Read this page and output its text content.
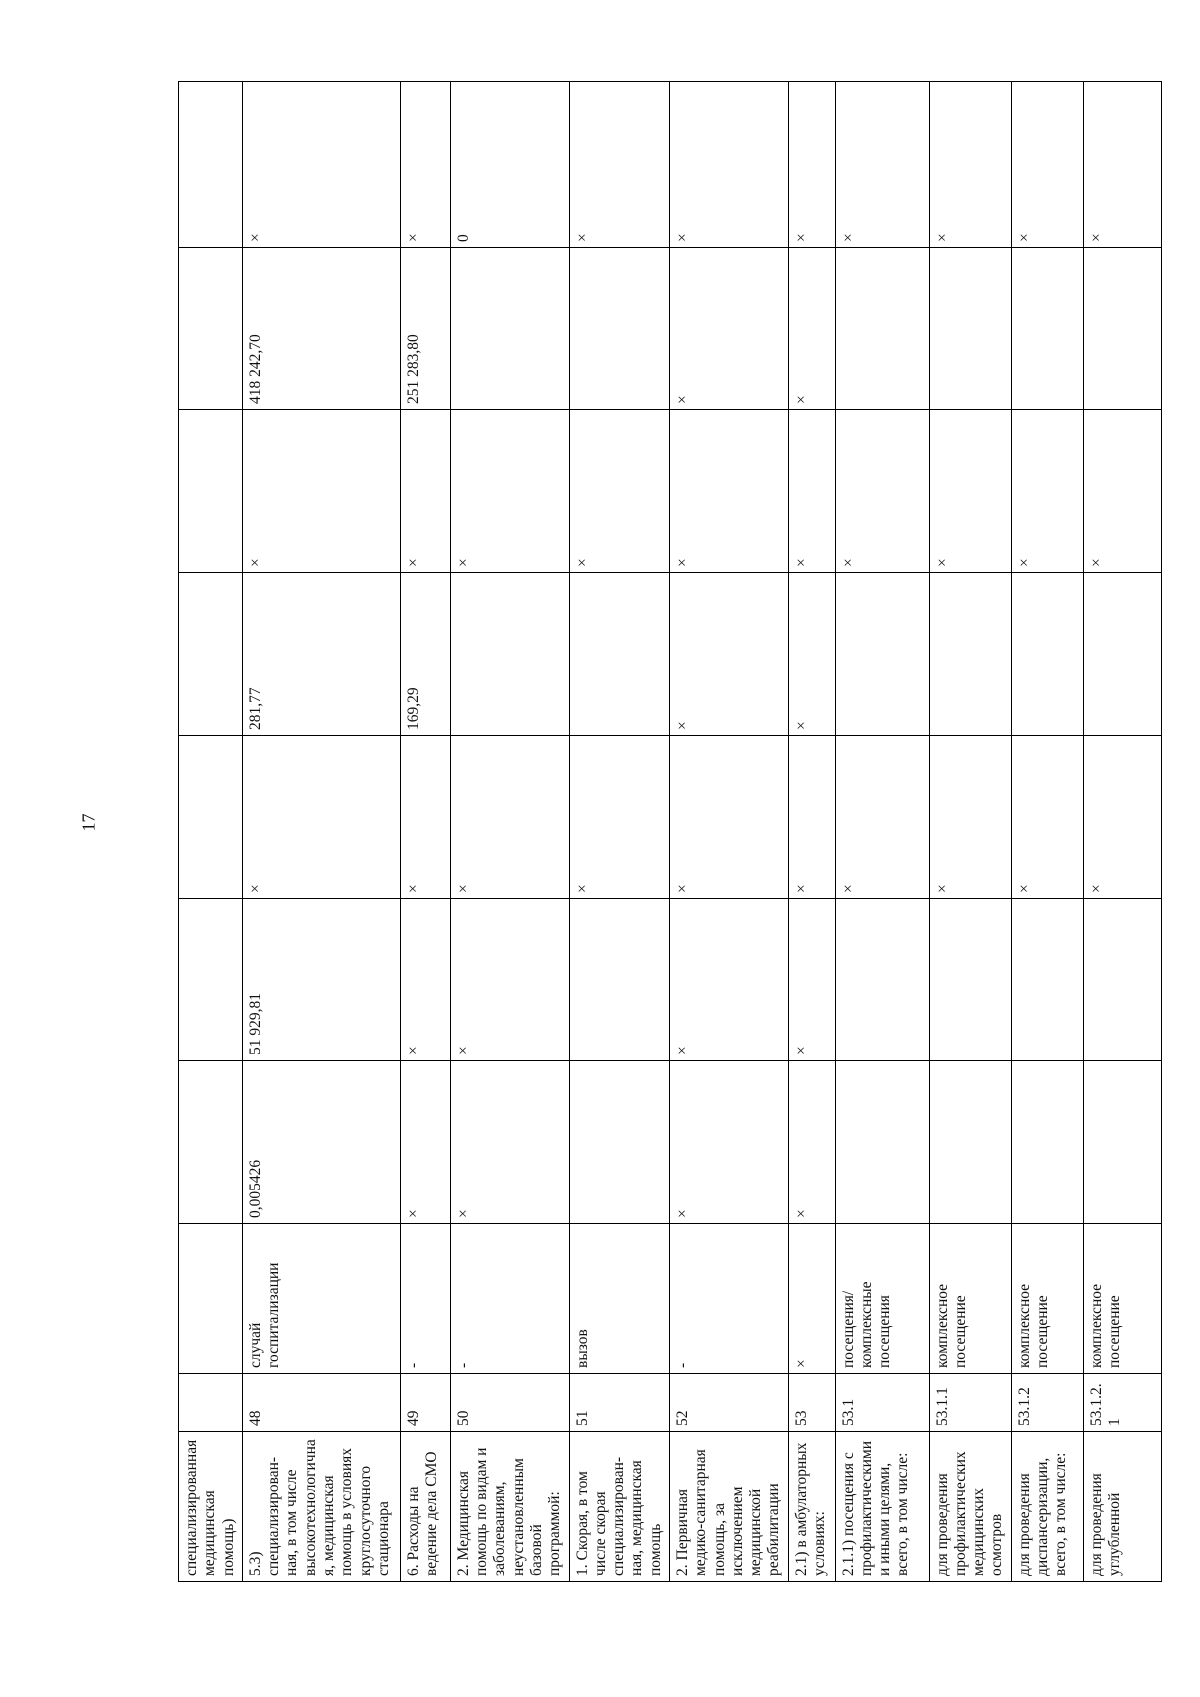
17
специализированная медицинская помощь)									
5.3) специализирован-ная, в том числе высокотехнологичная, медицинская помощь в условиях круглосуточного стационара	48	случай госпитализации	0,005426	51 929,81	×	281,77	×	418 242,70	×
6. Расходы на ведение дела СМО	49	-	×	×	×	169,29	×	251 283,80	×
2. Медицинская помощь по видам и заболеваниям, неустановленным базовой программой:	50	-	×	×	×		×		0
1. Скорая, в том числе скорая специализирован-ная, медицинская помощь	51	вызов			×		×		×
2. Первичная медико-санитарная помощь, за исключением медицинской реабилитации	52	-	×	×	×	×	×	×	×
2.1) в амбулаторных условиях:	53	×	×	×	×	×	×	×	×
2.1.1) посещения с профилактическими и иными целями, всего, в том числе:	53.1	посещения/ комплексные посещения			×		×		×
для проведения профилактических медицинских осмотров	53.1.1	комплексное посещение			×		×		×
для проведения диспансеризации, всего, в том числе:	53.1.2	комплексное посещение			×		×		×
для проведения углубленной	53.1.2.1	комплексное посещение			×		×		×
